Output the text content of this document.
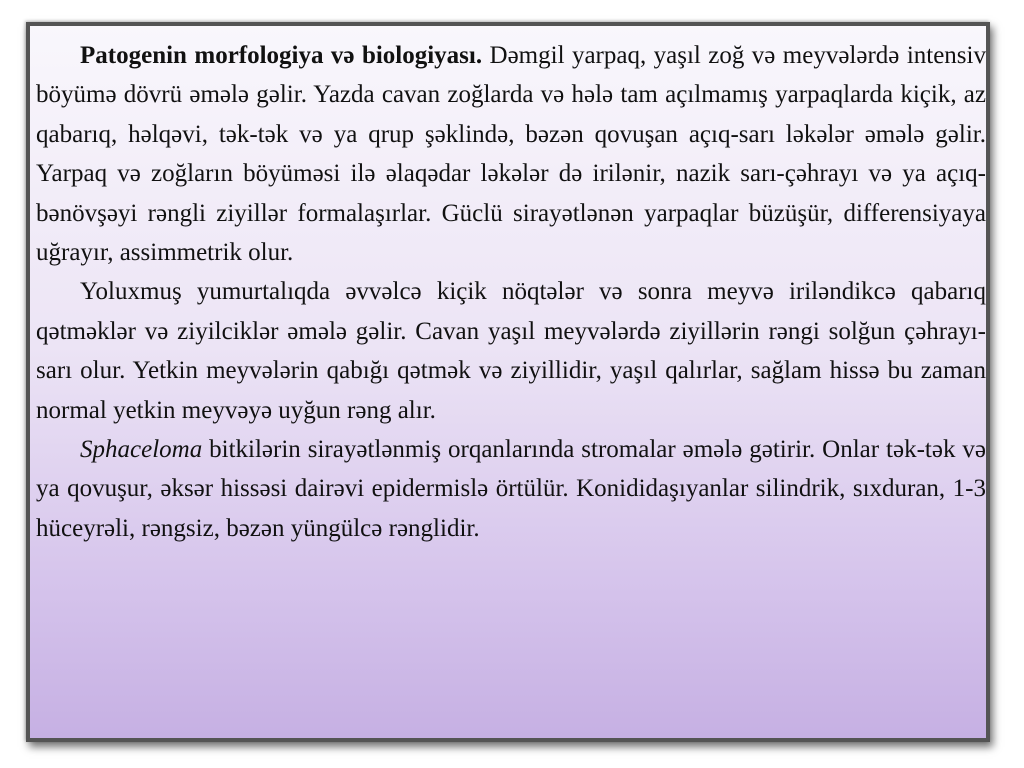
Patogenin morfologiya və biologiyası. Dəmgil yarpaq, yaşıl zoğ və meyvələrdə intensiv böyümə dövrü əmələ gəlir. Yazda cavan zoğlarda və hələ tam açılmamış yarpaqlarda kiçik, az qabarıq, həlqəvi, tək-tək və ya qrup şəklində, bəzən qovuşan açıq-sarı ləkələr əmələ gəlir. Yarpaq və zoğların böyüməsi ilə əlaqədar ləkələr də irilənir, nazik sarı-çəhrayı və ya açıq-bənövşəyi rəngli ziyillər formalaşırlar. Güclü sirayətlənən yarpaqlar büzüşür, differensiyaya uğrayır, assimmetrik olur.

Yoluxmuş yumurtalıqda əvvəlcə kiçik nöqtələr və sonra meyvə iriləndikcə qabarıq qətməklər və ziyilciklər əmələ gəlir. Cavan yaşıl meyvələrdə ziyillərin rəngi solğun çəhrayı-sarı olur. Yetkin meyvələrin qabığı qətmək və ziyillidir, yaşıl qalırlar, sağlam hissə bu zaman normal yetkin meyvəyə uyğun rəng alır.

Sphaceloma bitkilərin sirayətlənmiş orqanlarında stromalar əmələ gətirir. Onlar tək-tək və ya qovuşur, əksər hissəsi dairəvi epidermislə örtülür. Konididaşıyanlar silindrik, sıxduran, 1-3 hüceyrəli, rəngsiz, bəzən yüngülcə rənglidir.
